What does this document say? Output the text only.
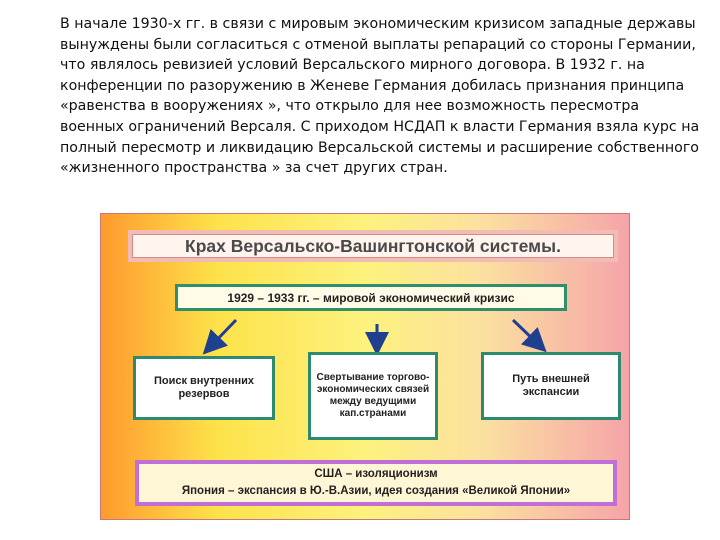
В начале 1930-х гг. в связи с мировым экономическим кризисом западные державы вынуждены были согласиться с отменой выплаты репараций со стороны Германии, что являлось ревизией условий Версальского мирного договора. В 1932 г. на конференции по разоружению в Женеве Германия добилась признания принципа «равенства в вооружениях », что открыло для нее возможность пересмотра военных ограничений Версаля. С приходом НСДАП к власти Германия взяла курс на полный пересмотр и ликвидацию Версальской системы и расширение собственного «жизненного пространства » за счет других стран.

Крах Версальско-Вашингтонской системы.
1929 – 1933 гг. – мировой экономический кризис
Поиск внутренних резервов
Свертывание торгово-экономических связей между ведущими кап.странами
Путь внешней экспансии
США – изоляционизм
Япония – экспансия в Ю.-В.Азии, идея создания «Великой Японии»
